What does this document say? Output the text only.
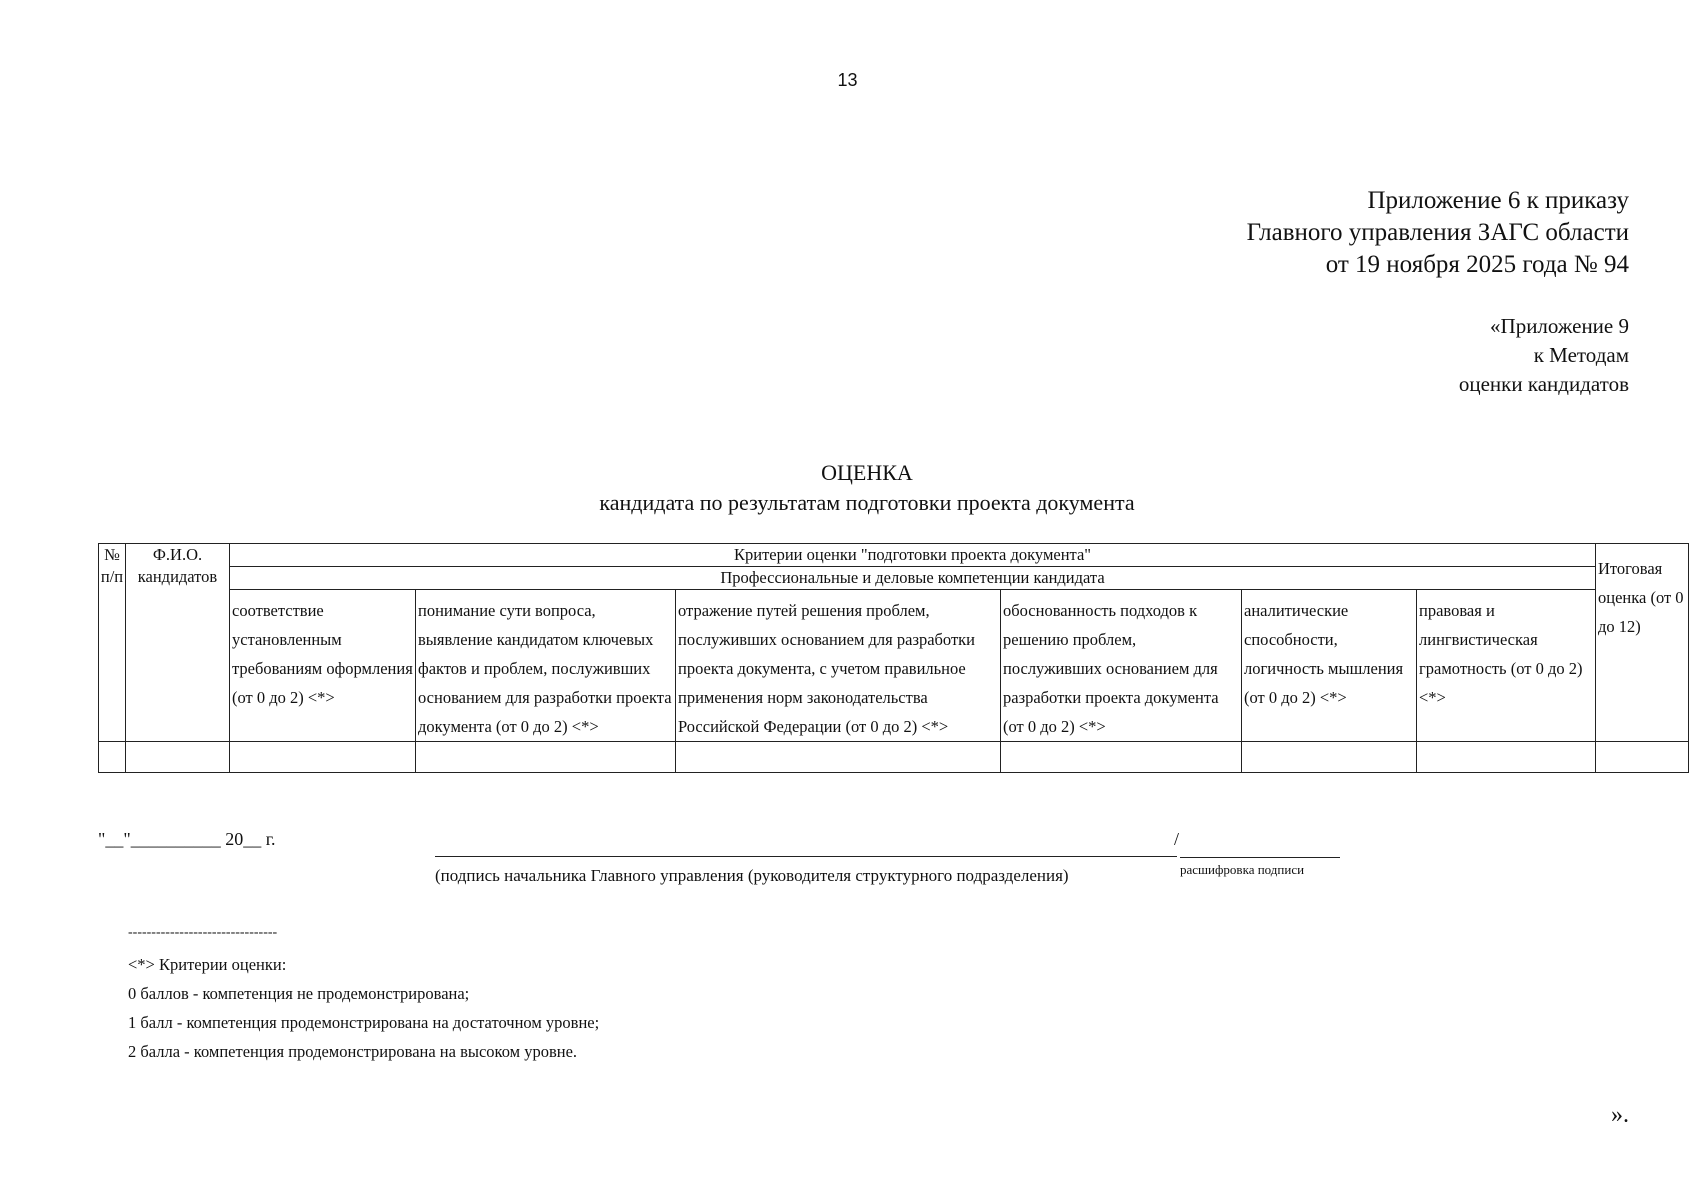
13
Приложение 6 к приказу
Главного управления ЗАГС области
от 19 ноября 2025 года № 94
«Приложение 9
к Методам
оценки кандидатов
ОЦЕНКА
кандидата по результатам подготовки проекта документа
№ п/п	Ф.И.О. кандидатов	Критерии оценки "подготовки проекта документа"						Итоговая оценка (от 0 до 12)
		Профессиональные и деловые компетенции кандидата						
		соответствие установленным требованиям оформления (от 0 до 2) <*>	понимание сути вопроса, выявление кандидатом ключевых фактов и проблем, послуживших основанием для разработки проекта документа (от 0 до 2) <*>	отражение путей решения проблем, послуживших основанием для разработки проекта документа, с учетом правильное применения норм законодательства Российской Федерации (от 0 до 2) <*>	обоснованность подходов к решению проблем, послуживших основанием для разработки проекта документа (от 0 до 2) <*>	аналитические способности, логичность мышления (от 0 до 2) <*>	правовая и лингвистическая грамотность (от 0 до 2) <*>	

"__"__________ 20__ г.	/
(подпись начальника Главного управления (руководителя структурного подразделения)	расшифровка подписи
--------------------------------
<*> Критерии оценки:
0 баллов - компетенция не продемонстрирована;
1 балл - компетенция продемонстрирована на достаточном уровне;
2 балла - компетенция продемонстрирована на высоком уровне.
».
